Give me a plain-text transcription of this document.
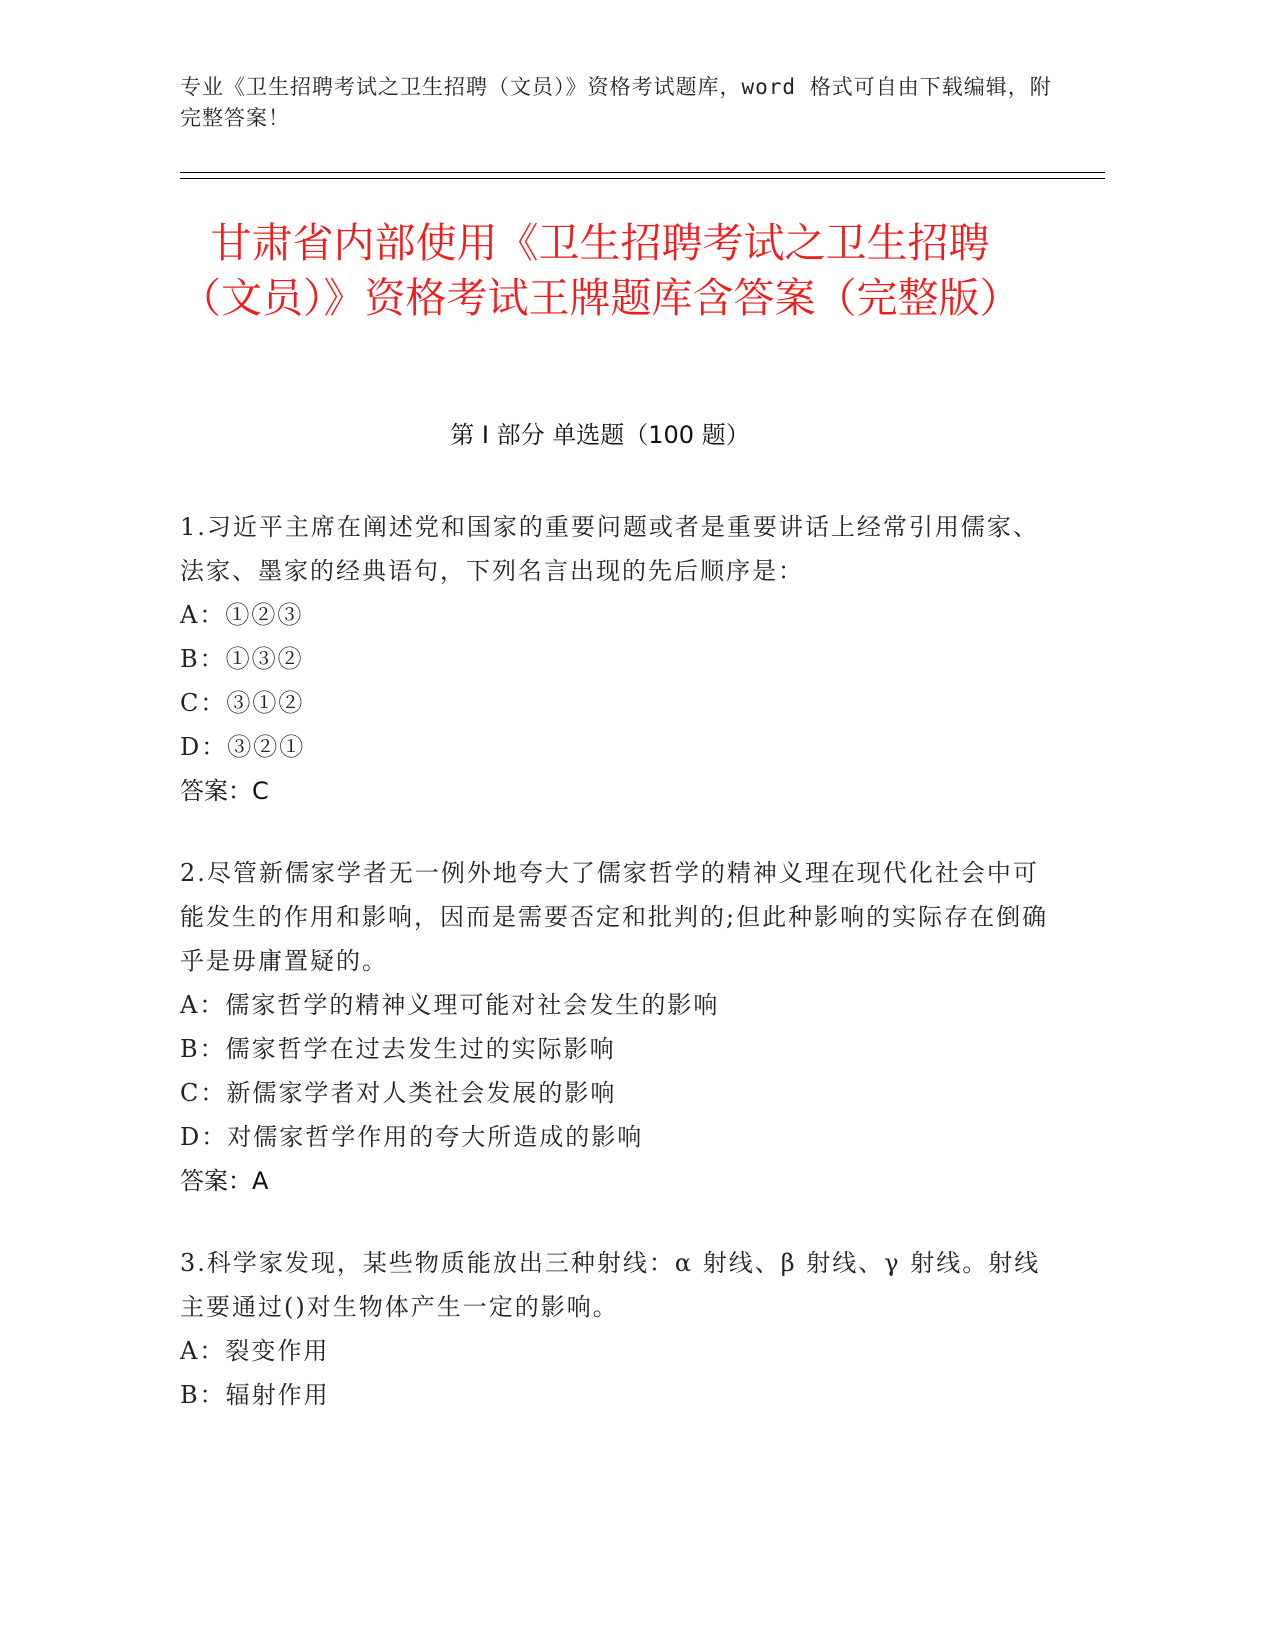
专业《卫生招聘考试之卫生招聘（文员）》资格考试题库，word 格式可自由下载编辑，附完整答案！
甘肃省内部使用《卫生招聘考试之卫生招聘（文员）》资格考试王牌题库含答案（完整版）
第 I 部分 单选题（100 题）
1.习近平主席在阐述党和国家的重要问题或者是重要讲话上经常引用儒家、法家、墨家的经典语句，下列名言出现的先后顺序是：
A：①②③
B：①③②
C：③①②
D：③②①
答案：C
2.尽管新儒家学者无一例外地夸大了儒家哲学的精神义理在现代化社会中可能发生的作用和影响，因而是需要否定和批判的;但此种影响的实际存在倒确乎是毋庸置疑的。
A：儒家哲学的精神义理可能对社会发生的影响
B：儒家哲学在过去发生过的实际影响
C：新儒家学者对人类社会发展的影响
D：对儒家哲学作用的夸大所造成的影响
答案：A
3.科学家发现，某些物质能放出三种射线：α 射线、β 射线、γ 射线。射线主要通过()对生物体产生一定的影响。
A：裂变作用
B：辐射作用
